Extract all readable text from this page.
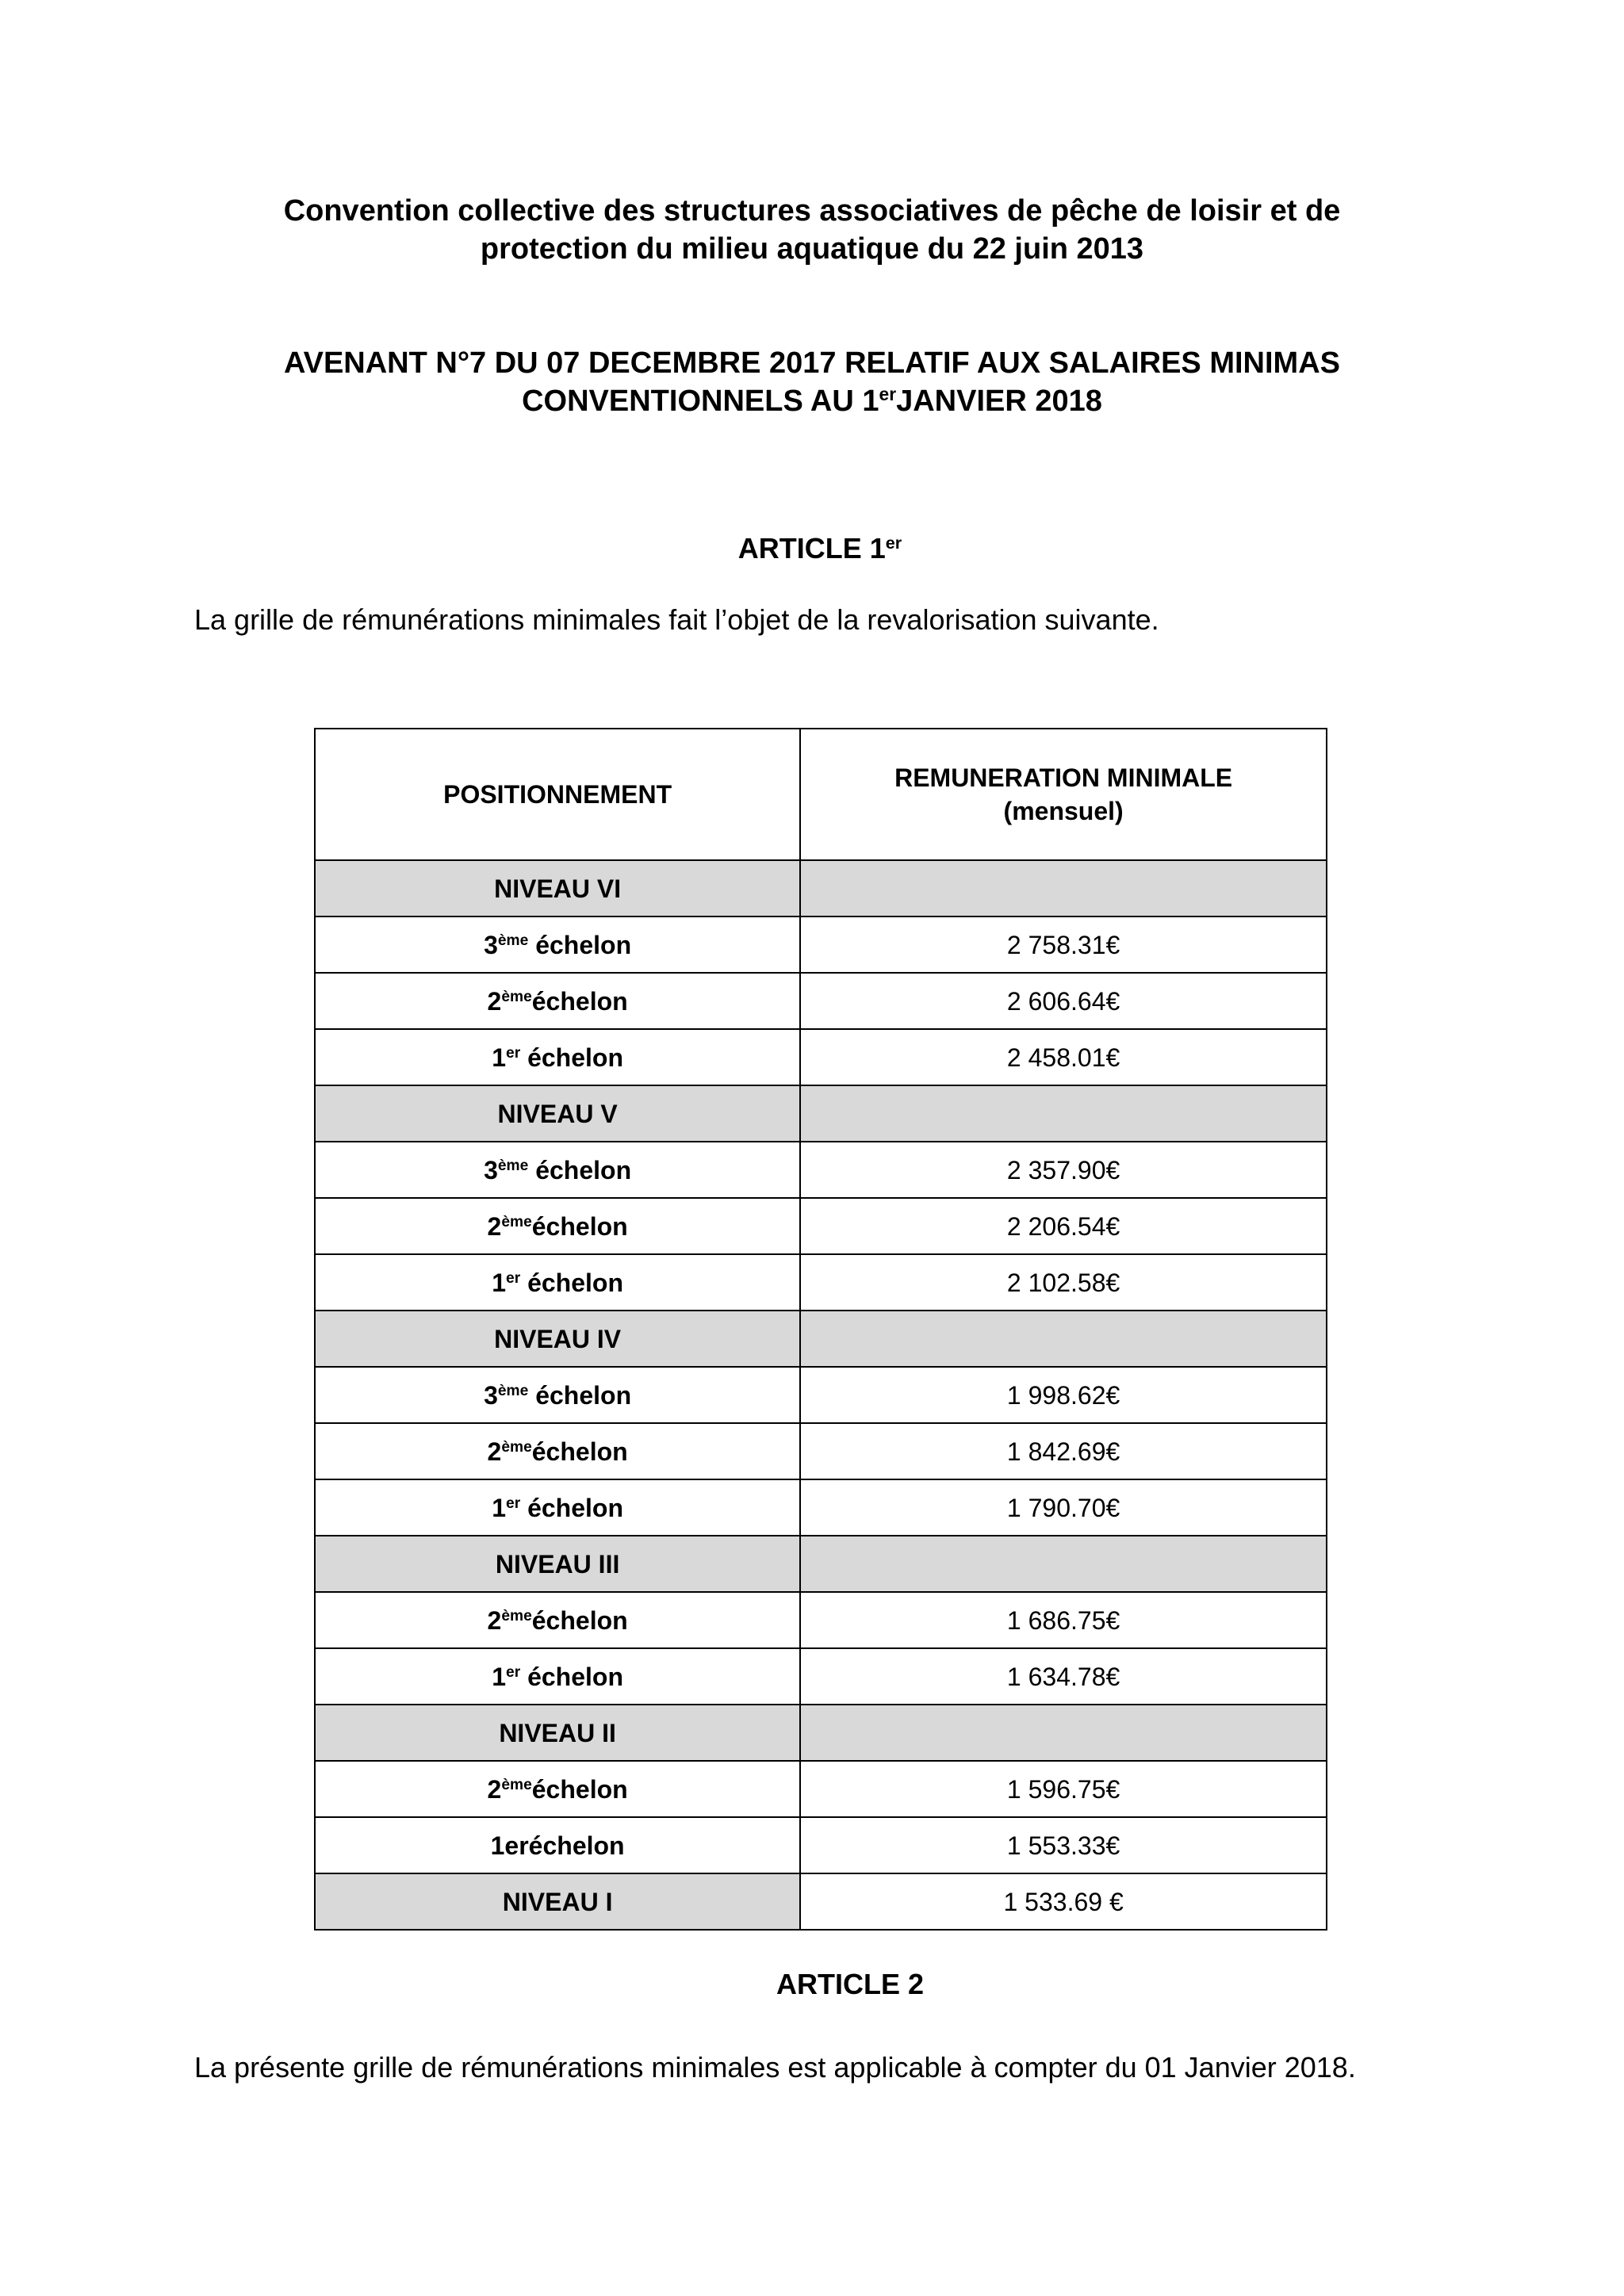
Convention collective des structures associatives de pêche de loisir et de
protection du milieu aquatique du 22 juin 2013
AVENANT N°7 DU 07 DECEMBRE 2017 RELATIF AUX SALAIRES MINIMAS
CONVENTIONNELS AU 1erJANVIER 2018
ARTICLE 1er
La grille de rémunérations minimales fait l’objet de la revalorisation suivante.
POSITIONNEMENT	REMUNERATION MINIMALE
(mensuel)

NIVEAU VI	
3ème échelon	2 758.31€
2èmeéchelon	2 606.64€
1er échelon	2 458.01€
NIVEAU V	
3ème échelon	2 357.90€
2èmeéchelon	2 206.54€
1er échelon	2 102.58€
NIVEAU IV	
3ème échelon	1 998.62€
2èmeéchelon	1 842.69€
1er échelon	1 790.70€
NIVEAU III	
2èmeéchelon	1 686.75€
1er échelon	1 634.78€
NIVEAU II	
2èmeéchelon	1 596.75€
1eréchelon	1 553.33€
NIVEAU I	1 533.69 €
ARTICLE 2
La présente grille de rémunérations minimales est applicable à compter du 01 Janvier 2018.
